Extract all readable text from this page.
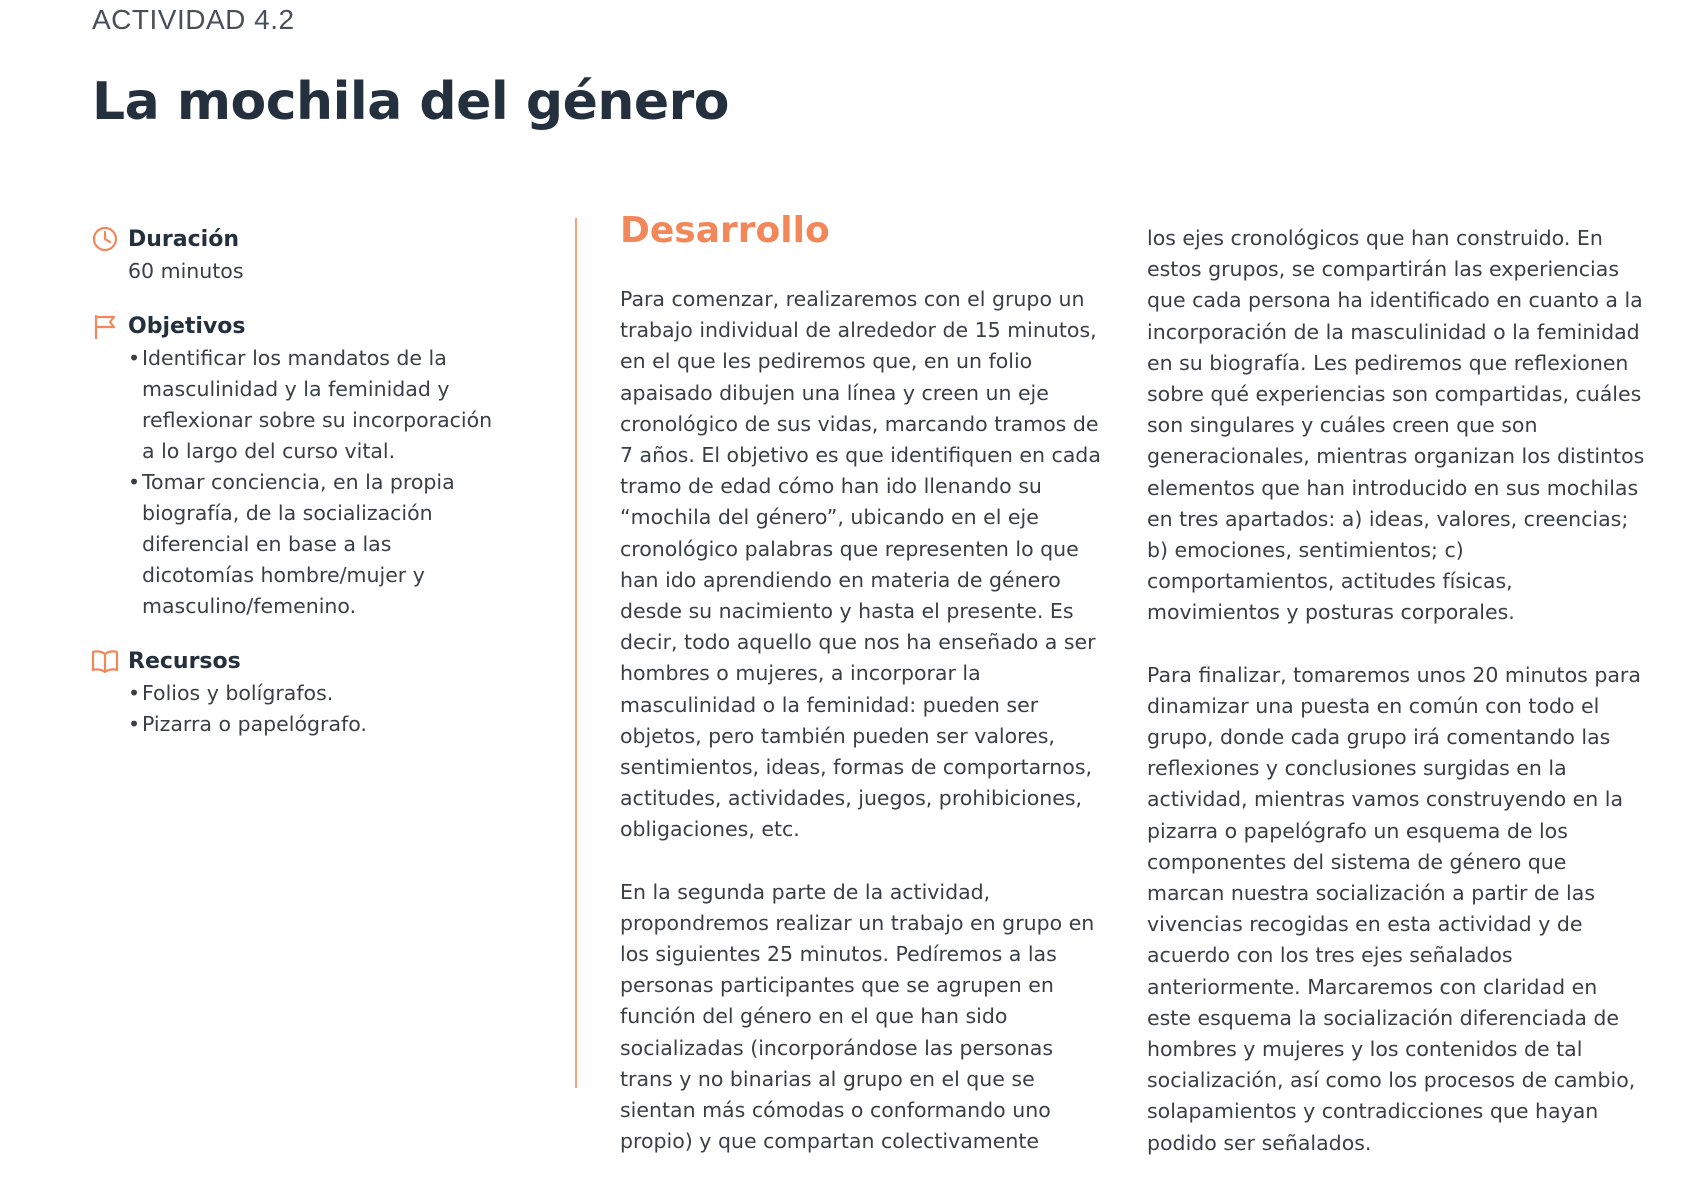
ACTIVIDAD 4.2
La mochila del género
Duración
60 minutos
Objetivos
• Identificar los mandatos de la masculinidad y la feminidad y reflexionar sobre su incorporación a lo largo del curso vital.
• Tomar conciencia, en la propia biografía, de la socialización diferencial en base a las dicotomías hombre/mujer y masculino/femenino.
Recursos
• Folios y bolígrafos.
• Pizarra o papelógrafo.
Desarrollo

Para comenzar, realizaremos con el grupo un trabajo individual de alrededor de 15 minutos, en el que les pediremos que, en un folio apaisado dibujen una línea y creen un eje cronológico de sus vidas, marcando tramos de 7 años. El objetivo es que identifiquen en cada tramo de edad cómo han ido llenando su “mochila del género”, ubicando en el eje cronológico palabras que representen lo que han ido aprendiendo en materia de género desde su nacimiento y hasta el presente. Es decir, todo aquello que nos ha enseñado a ser hombres o mujeres, a incorporar la masculinidad o la feminidad: pueden ser objetos, pero también pueden ser valores, sentimientos, ideas, formas de comportarnos, actitudes, actividades, juegos, prohibiciones, obligaciones, etc.

En la segunda parte de la actividad, propondremos realizar un trabajo en grupo en los siguientes 25 minutos. Pedíremos a las personas participantes que se agrupen en función del género en el que han sido socializadas (incorporándose las personas trans y no binarias al grupo en el que se sientan más cómodas o conformando uno propio) y que compartan colectivamente

los ejes cronológicos que han construido. En estos grupos, se compartirán las experiencias que cada persona ha identificado en cuanto a la incorporación de la masculinidad o la feminidad en su biografía. Les pediremos que reflexionen sobre qué experiencias son compartidas, cuáles son singulares y cuáles creen que son generacionales, mientras organizan los distintos elementos que han introducido en sus mochilas en tres apartados: a) ideas, valores, creencias; b) emociones, sentimientos; c) comportamientos, actitudes físicas, movimientos y posturas corporales.

Para finalizar, tomaremos unos 20 minutos para dinamizar una puesta en común con todo el grupo, donde cada grupo irá comentando las reflexiones y conclusiones surgidas en la actividad, mientras vamos construyendo en la pizarra o papelógrafo un esquema de los componentes del sistema de género que marcan nuestra socialización a partir de las vivencias recogidas en esta actividad y de acuerdo con los tres ejes señalados anteriormente. Marcaremos con claridad en este esquema la socialización diferenciada de hombres y mujeres y los contenidos de tal socialización, así como los procesos de cambio, solapamientos y contradicciones que hayan podido ser señalados.
